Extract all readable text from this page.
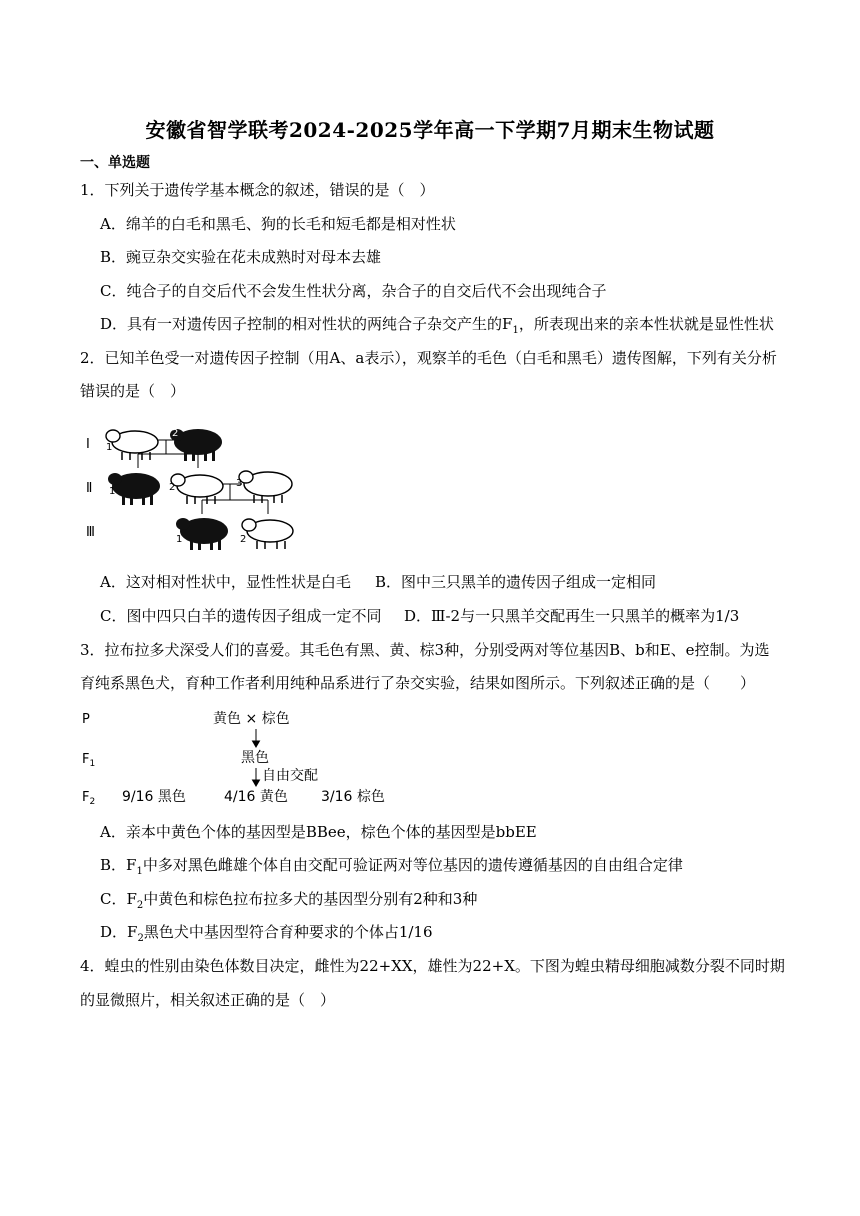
安徽省智学联考2024-2025学年高一下学期7月期末生物试题
一、单选题
1．下列关于遗传学基本概念的叙述，错误的是（　）
A．绵羊的白毛和黑毛、狗的长毛和短毛都是相对性状
B．豌豆杂交实验在花未成熟时对母本去雄
C．纯合子的自交后代不会发生性状分离，杂合子的自交后代不会出现纯合子
D．具有一对遗传因子控制的相对性状的两纯合子杂交产生的$F_1$，所表现出来的亲本性状就是显性性状
2．已知羊色受一对遗传因子控制（用A、a表示），观察羊的毛色（白毛和黑毛）遗传图解，下列有关分析
错误的是（　）
Ⅰ
Ⅱ
Ⅲ
1
2
1	2	3
1	2
A．这对相对性状中，显性性状是白毛 B．图中三只黑羊的遗传因子组成一定相同
C．图中四只白羊的遗传因子组成一定不同 D．Ⅲ-2与一只黑羊交配再生一只黑羊的概率为1/3
3．拉布拉多犬深受人们的喜爱。其毛色有黑、黄、棕3种，分别受两对等位基因B、b和E、e控制。为选
育纯系黑色犬，育种工作者利用纯种品系进行了杂交实验，结果如图所示。下列叙述正确的是（　　）
P
$F_1$
$F_2$
黄色 × 棕色
黑色
自由交配
9/16 黑色	4/16 黄色 3/16 棕色
A．亲本中黄色个体的基因型是BBee，棕色个体的基因型是bbEE
B．$F_1$中多对黑色雌雄个体自由交配可验证两对等位基因的遗传遵循基因的自由组合定律
C．$F_2$中黄色和棕色拉布拉多犬的基因型分别有2种和3种
D．$F_2$黑色犬中基因型符合育种要求的个体占1/16
4．蝗虫的性别由染色体数目决定，雌性为22+XX，雄性为22+X。下图为蝗虫精母细胞减数分裂不同时期
的显微照片，相关叙述正确的是（　）
